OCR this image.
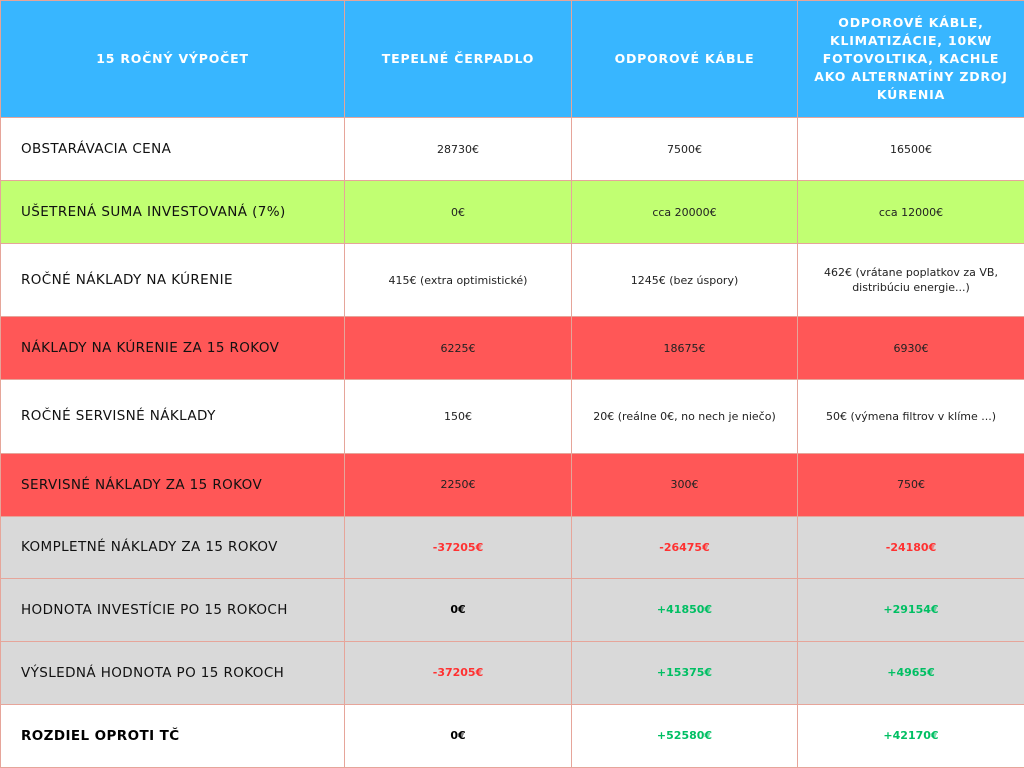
15 ROČNÝ VÝPOČET	TEPELNÉ ČERPADLO	ODPOROVÉ KÁBLE	ODPOROVÉ KÁBLE, KLIMATIZÁCIE, 10KW FOTOVOLTIKA, KACHLE AKO ALTERNATÍNY ZDROJ KÚRENIA
OBSTARÁVACIA CENA	28730€	7500€	16500€
UŠETRENÁ SUMA INVESTOVANÁ (7%)	0€	cca 20000€	cca 12000€
ROČNÉ NÁKLADY NA KÚRENIE	415€ (extra optimistické)	1245€ (bez úspory)	462€ (vrátane poplatkov za VB, distribúciu energie...)
NÁKLADY NA KÚRENIE ZA 15 ROKOV	6225€	18675€	6930€
ROČNÉ SERVISNÉ NÁKLADY	150€	20€ (reálne 0€, no nech je niečo)	50€ (výmena filtrov v klíme ...)
SERVISNÉ NÁKLADY ZA 15 ROKOV	2250€	300€	750€
KOMPLETNÉ NÁKLADY ZA 15 ROKOV	-37205€	-26475€	-24180€
HODNOTA INVESTÍCIE PO 15 ROKOCH	0€	+41850€	+29154€
VÝSLEDNÁ HODNOTA PO 15 ROKOCH	-37205€	+15375€	+4965€
ROZDIEL OPROTI TČ	0€	+52580€	+42170€
